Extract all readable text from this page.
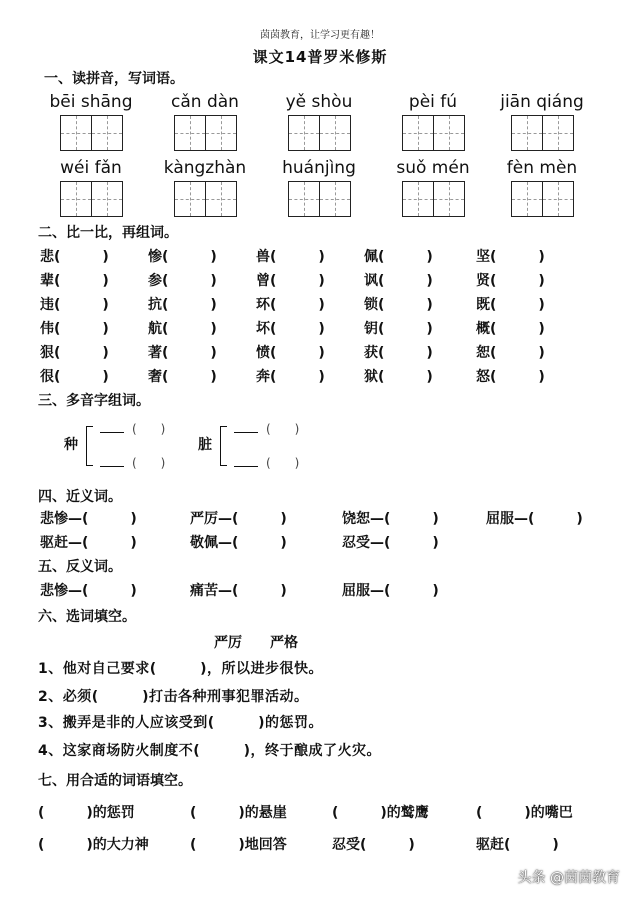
茵茵教育，让学习更有趣！
课文14普罗米修斯
一、读拼音，写词语。
bēi shāng	cǎn dàn	yě shòu	pèi fú	jiān qiáng
wéi fǎn	kàngzhàn	huánjìng	suǒ mén	fèn mèn
二、比一比，再组词。
悲(　　　)	惨(　　　)	兽(　　　)	佩(　　　)	坚(　　　)
辈(　　　)	参(　　　)	曾(　　　)	讽(　　　)	贤(　　　)
违(　　　)	抗(　　　)	环(　　　)	锁(　　　)	既(　　　)
伟(　　　)	航(　　　)	坏(　　　)	钥(　　　)	概(　　　)
狠(　　　)	著(　　　)	愤(　　　)	获(　　　)	恕(　　　)
很(　　　)	奢(　　　)	奔(　　　)	狱(　　　)	怒(　　　)
三、多音字组词。
种
(　　)
(　　)
脏
(　　)
(　　)
四、近义词。
悲惨—(　　　)	严厉—(　　　)	饶恕—(　　　)	屈服—(　　　)
驱赶—(　　　)	敬佩—(　　　)	忍受—(　　　)
五、反义词。
悲惨—(　　　)	痛苦—(　　　)	屈服—(　　　)
六、选词填空。
严厉　　严格
1、他对自己要求(　　　)，所以进步很快。
2、必须(　　　)打击各种刑事犯罪活动。
3、搬弄是非的人应该受到(　　　)的惩罚。
4、这家商场防火制度不(　　　)，终于酿成了火灾。
七、用合适的词语填空。
(　　　)的惩罚	(　　　)的悬崖	(　　　)的鹫鹰	(　　　)的嘴巴
(　　　)的大力神	(　　　)地回答	忍受(　　　)	驱赶(　　　)
头条 @茵茵教育
